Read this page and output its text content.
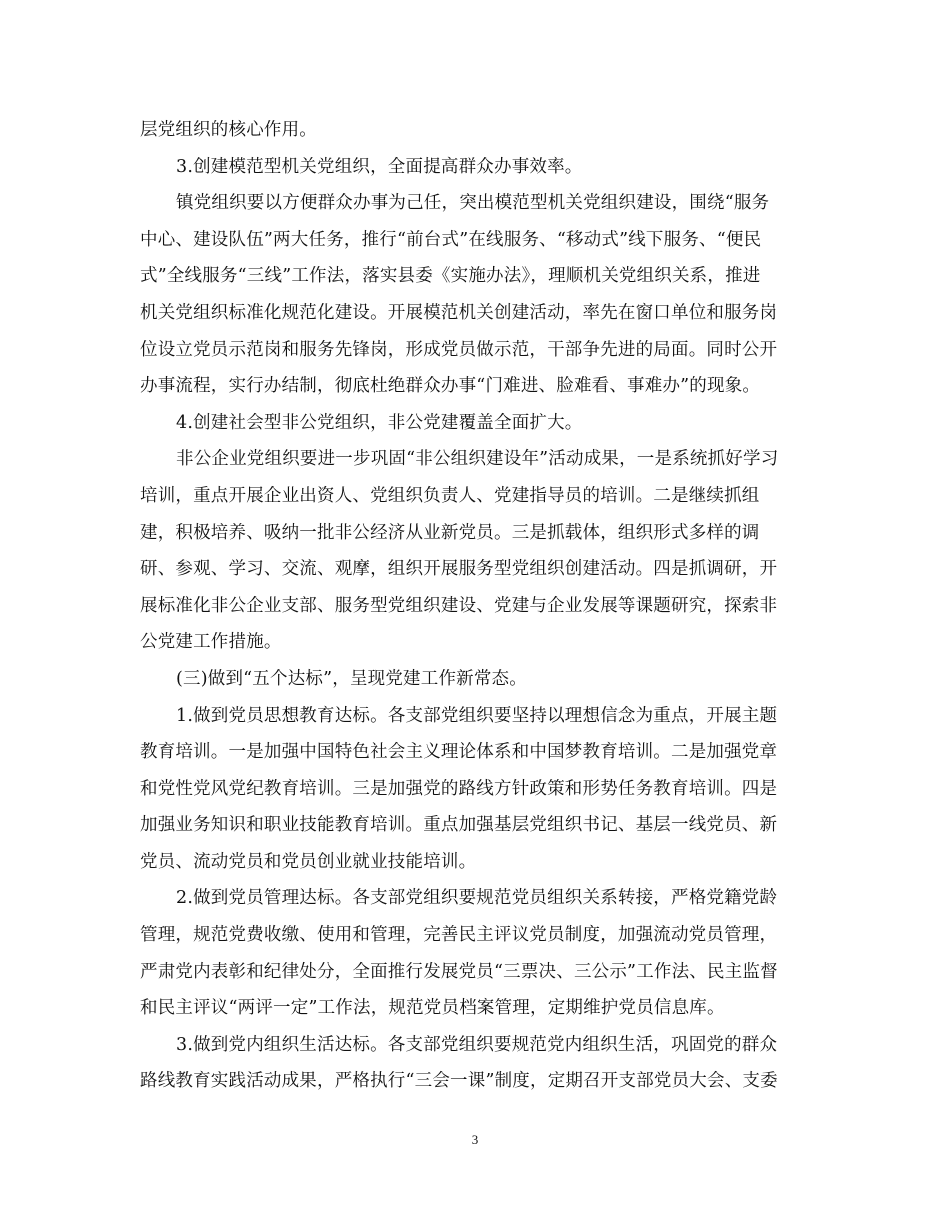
层党组织的核心作用。
3.创建模范型机关党组织，全面提高群众办事效率。
镇党组织要以方便群众办事为己任，突出模范型机关党组织建设，围绕“服务
中心、建设队伍”两大任务，推行“前台式”在线服务、“移动式”线下服务、“便民
式”全线服务“三线”工作法，落实县委《实施办法》，理顺机关党组织关系，推进
机关党组织标准化规范化建设。开展模范机关创建活动，率先在窗口单位和服务岗
位设立党员示范岗和服务先锋岗，形成党员做示范，干部争先进的局面。同时公开
办事流程，实行办结制，彻底杜绝群众办事“门难进、脸难看、事难办”的现象。
4.创建社会型非公党组织，非公党建覆盖全面扩大。
非公企业党组织要进一步巩固“非公组织建设年”活动成果，一是系统抓好学习
培训，重点开展企业出资人、党组织负责人、党建指导员的培训。二是继续抓组
建，积极培养、吸纳一批非公经济从业新党员。三是抓载体，组织形式多样的调
研、参观、学习、交流、观摩，组织开展服务型党组织创建活动。四是抓调研，开
展标准化非公企业支部、服务型党组织建设、党建与企业发展等课题研究，探索非
公党建工作措施。
(三)做到“五个达标”，呈现党建工作新常态。
1.做到党员思想教育达标。各支部党组织要坚持以理想信念为重点，开展主题
教育培训。一是加强中国特色社会主义理论体系和中国梦教育培训。二是加强党章
和党性党风党纪教育培训。三是加强党的路线方针政策和形势任务教育培训。四是
加强业务知识和职业技能教育培训。重点加强基层党组织书记、基层一线党员、新
党员、流动党员和党员创业就业技能培训。
2.做到党员管理达标。各支部党组织要规范党员组织关系转接，严格党籍党龄
管理，规范党费收缴、使用和管理，完善民主评议党员制度，加强流动党员管理，
严肃党内表彰和纪律处分，全面推行发展党员“三票决、三公示”工作法、民主监督
和民主评议“两评一定”工作法，规范党员档案管理，定期维护党员信息库。
3.做到党内组织生活达标。各支部党组织要规范党内组织生活，巩固党的群众
路线教育实践活动成果，严格执行“三会一课”制度，定期召开支部党员大会、支委
3
